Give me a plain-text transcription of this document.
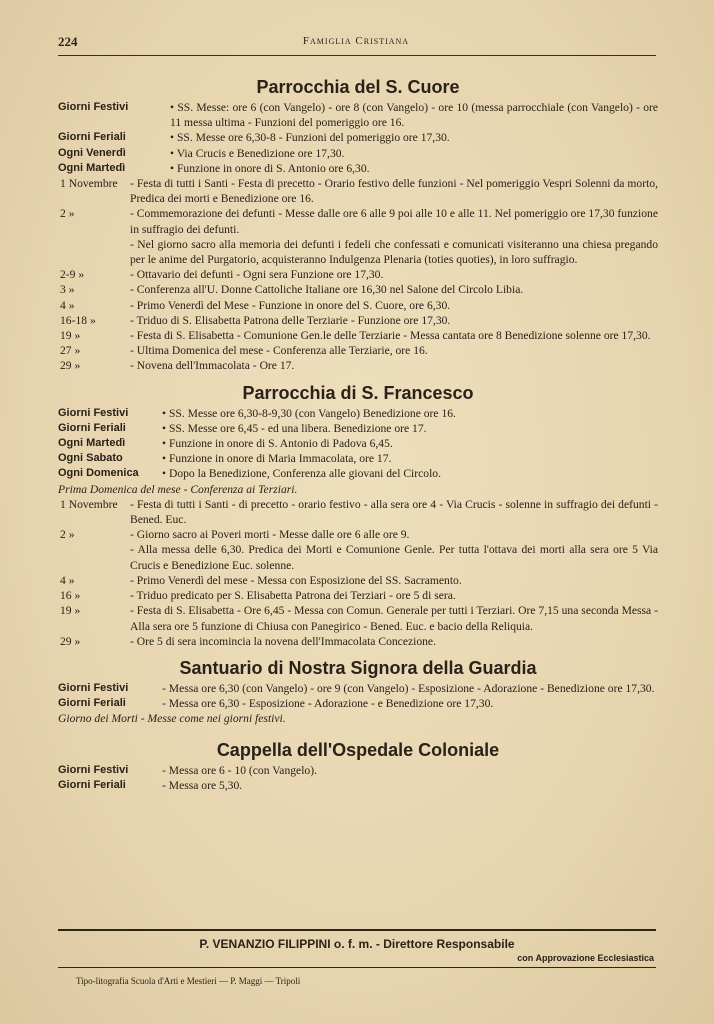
224	Famiglia Cristiana
Parrocchia del S. Cuore
Giorni Festivi	• SS. Messe: ore 6 (con Vangelo) - ore 8 (con Vangelo) - ore 10 (messa parrocchiale (con Vangelo) - ore 11 messa ultima - Funzioni del pomeriggio ore 16.
Giorni Feriali	• SS. Messe ore 6,30-8 - Funzioni del pomeriggio ore 17,30.
Ogni Venerdì	• Via Crucis e Benedizione ore 17,30.
Ogni Martedì	• Funzione in onore di S. Antonio ore 6,30.
1 Novembre	- Festa di tutti i Santi - Festa di precetto - Orario festivo delle funzioni - Nel pomeriggio Vespri Solenni da morto, Predica dei morti e Benedizione ore 16.
2 »	- Commemorazione dei defunti - Messe dalle ore 6 alle 9 poi alle 10 e alle 11. Nel pomeriggio ore 17,30 funzione in suffragio dei defunti.
- Nel giorno sacro alla memoria dei defunti i fedeli che confessati e comunicati visiteranno una chiesa pregando per le anime del Purgatorio, acquisteranno Indulgenza Plenaria (toties quoties), in loro suffragio.
2-9 »	- Ottavario dei defunti - Ogni sera Funzione ore 17,30.
3 »	- Conferenza all'U. Donne Cattoliche Italiane ore 16,30 nel Salone del Circolo Libia.
4 »	- Primo Venerdì del Mese - Funzione in onore del S. Cuore, ore 6,30.
16-18 »	- Triduo di S. Elisabetta Patrona delle Terziarie - Funzione ore 17,30.
19 »	- Festa di S. Elisabetta - Comunione Gen.le delle Terziarie - Messa cantata ore 8 Benedizione solenne ore 17,30.
27 »	- Ultima Domenica del mese - Conferenza alle Terziarie, ore 16.
29 »	- Novena dell'Immacolata - Ore 17.
Parrocchia di S. Francesco
Giorni Festivi	• SS. Messe ore 6,30-8-9,30 (con Vangelo) Benedizione ore 16.
Giorni Feriali	• SS. Messe ore 6,45 - ed una libera. Benedizione ore 17.
Ogni Martedì	• Funzione in onore di S. Antonio di Padova 6,45.
Ogni Sabato	• Funzione in onore di Maria Immacolata, ore 17.
Ogni Domenica	• Dopo la Benedizione, Conferenza alle giovani del Circolo.
Prima Domenica del mese - Conferenza ai Terziari.
1 Novembre	- Festa di tutti i Santi - di precetto - orario festivo - alla sera ore 4 - Via Crucis - solenne in suffragio dei defunti - Bened. Euc.
2 »	- Giorno sacro ai Poveri morti - Messe dalle ore 6 alle ore 9.
- Alla messa delle 6,30. Predica dei Morti e Comunione Genle. Per tutta l'ottava dei morti alla sera ore 5 Via Crucis e Benedizione Euc. solenne.
4 »	- Primo Venerdì del mese - Messa con Esposizione del SS. Sacramento.
16 »	- Triduo predicato per S. Elisabetta Patrona dei Terziari - ore 5 di sera.
19 »	- Festa di S. Elisabetta - Ore 6,45 - Messa con Comun. Generale per tutti i Terziari. Ore 7,15 una seconda Messa - Alla sera ore 5 funzione di Chiusa con Panegirico - Bened. Euc. e bacio della Reliquia.
29 »	- Ore 5 di sera incomincia la novena dell'Immacolata Concezione.
Santuario di Nostra Signora della Guardia
Giorni Festivi	- Messa ore 6,30 (con Vangelo) - ore 9 (con Vangelo) - Esposizione - Adorazione - Benedizione ore 17,30.
Giorni Feriali	- Messa ore 6,30 - Esposizione - Adorazione - e Benedizione ore 17,30.
Giorno dei Morti - Messe come nei giorni festivi.
Cappella dell'Ospedale Coloniale
Giorni Festivi	- Messa ore 6 - 10 (con Vangelo).
Giorni Feriali	- Messa ore 5,30.
P. VENANZIO FILIPPINI o. f. m. - Direttore Responsabile
con Approvazione Ecclesiastica
Tipo-litografia Scuola d'Arti e Mestieri — P. Maggi — Tripoli
